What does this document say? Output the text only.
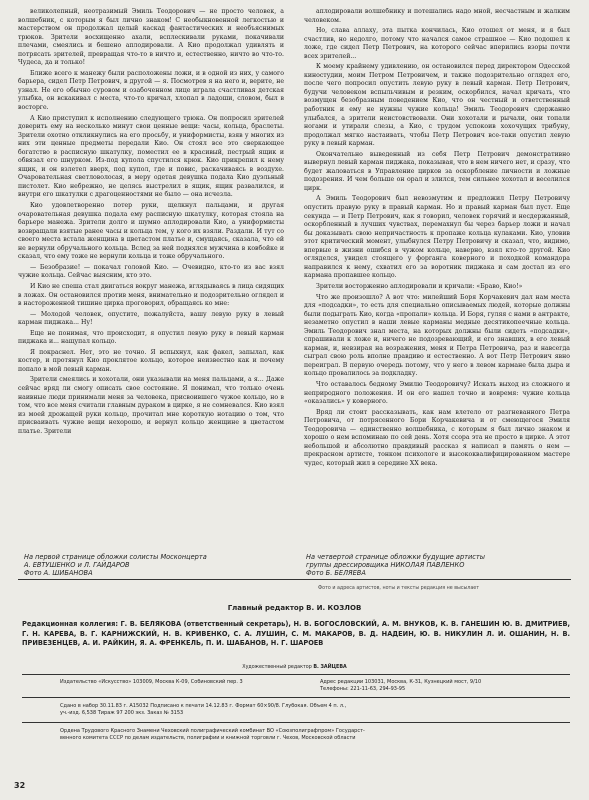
великолепный, неотразимый Эмиль Теодорович — не просто человек, а волшебник, с которым я был лично знаком! С необыкновенной легкостью и мастерством он продолжал целый каскад фантастических и необъяснимых трюков. Зрители восхищенно ахали, всплескивали руками, покачивали плечами, смеялись и бешено аплодировали. А Кио продолжал удивлять и потрясать зрителей, превращая что-то в ничто и, естественно, ничто во что-то. Чудеса, да и только!

Ближе всего к манежу были расположены ложи, и в одной из них, у самого барьера, сидел Петр Петрович, в другой — я. Посмотрев я на него и, верите, не узнал. Не его обычно суровом и озабоченном лице играла счастливая детская улыбка, он вскакивал с места, что-то кричал, хлопал в ладоши, словом, был в восторге.

А Кио приступил к исполнению следующего трюка. Он попросил зрителей доверить ему на несколько минут свои ценные вещи: часы, кольца, браслеты. Зрители охотно откликнулись на его просьбу, и униформисты, взяв у многих из них эти ценные предметы передали Кио. Он стоял все это сверкающее богатство в расписную шкатулку, поместил ее в красивый, пестрый ящик и обвязал его шнурком. Из-под купола спустился крюк. Кио прикрепил к нему ящик, и он взлетел вверх, под купол, где и повис, раскачиваясь в воздухе. Очаровательная светловолосая, в меру одетая девушка подала Кио дуэльный пистолет. Кио небрежно, не целясь выстрелил в ящик, ящик развалился, и внутри его шкатулки с драгоценностями не было — она исчезла.

Кио удовлетворенно потер руки, щелкнул пальцами, и другая очаровательная девушка подала ему расписную шкатулку, которая стояла на барьере манежа. Зрители долго и шумно аплодировали Кио, а униформисты возвращали взятые ранее часы и кольца тем, у кого их взяли. Раздали. И тут со своего места встала женщина в цветастом платье и, смущаясь, сказала, что ей не вернули обручального кольца. Вслед за ней поднялся мужчина в ковбойке и сказал, что ему тоже не вернули кольца и тоже обручального.

— Безобразие! — покачал головой Кио. — Очевидно, кто-то из вас взял чужие кольца. Сейчас выясним, кто это.

И Кио не спеша стал двигаться вокруг манежа, вглядываясь в лица сидящих в ложах. Он остановился против меня, внимательно и подозрительно оглядел и в настороженной тишине цирка проговорил, обращаясь ко мне:

— Молодой человек, опустите, пожалуйста, вашу левую руку в левый карман пиджака... Ну!

Еще не понимая, что происходит, я опустил левую руку в левый карман пиджака и... нащупал кольцо.

Я покраснел. Нет, это не точно. Я вспыхнул, как факел, запылал, как костер, и протянул Кио проклятое кольцо, которое неизвестно как и почему попало в мой левый карман.

Зрители смеялись и хохотали, они указывали на меня пальцами, а я... Даже сейчас вряд ли смогу описать свое состояние. Я понимал, что только очень наивные люди принимали меня за человека, присвоившего чужое кольцо, но в том, что все меня считали главным дураком в цирке, я не сомневался. Кио взял из моей дрожащей руки кольцо, прочитал мне короткую нотацию о том, что присваивать чужие вещи нехорошо, и вернул кольцо женщине в цветастом платье. Зрители

аплодировали волшебнику и потешались надо мной, несчастным и жалким человеком.

Но, слава аллаху, эта пытка кончилась, Кио отошел от меня, и я был счастлив, но недолго, потому что начался самое страшное — Кио подошел к ложе, где сидел Петр Петрович, на которого сейчас вперились взоры почти всех зрителей...

К моему крайнему удивлению, он остановился перед директором Одесской киностудии, моим Петром Петровичем, и также подозрительно оглядел его, после чего попросил опустить левую руку в левый карман. Петр Петрович, будучи человеком вспыльчивым и резким, оскорбился, начал кричать, что возмущен безобразным поведением Кио, что он честный и ответственный работник и ему не нужны чужие кольца! Эмиль Теодорович сдержанно улыбался, а зрители неистовствовали. Они хохотали и рычали, они топали ногами и утирали слезы, а Кио, с трудом успокоив хохочущих трибуну, продолжал мягко настаивать, чтобы Петр Петрович все-таки опустил левую руку в левый карман.

Окончательно выведенный из себя Петр Петрович демонстративно вывернул левый карман пиджака, показывая, что в нем ничего нет, и сразу, что будет жаловаться в Управление цирков за оскорбление личности и ложные подозрения. И чем больше он орал и злился, тем сильнее хохотал и веселился цирк.

А Эмиль Теодорович был невозмутим и предложил Петру Петровичу опустить правую руку в правый карман. Но и правый карман был пуст. Еще секунда — и Петр Петрович, как я говорил, человек горячий и несдержанный, оскорбленный в лучших чувствах, перемахнул бы через барьер ложи и начал бы доказывать свою непричастность к пропаже кольца кулаками. Кио, уловив этот критический момент, улыбнулся Петру Петровичу и сказал, что, видимо, впервые в жизни ошибся в чужом кольце, наверно, взял кто-то другой. Кио огляделся, увидел стоящего у форганга коверного и походкой командора направился к нему, схватил его за воротник пиджака и сам достал из его кармана пропавшее кольцо.

Зрители восторженно аплодировали и кричали: «Браво, Кио!»

Что же произошло? А вот что: милейший Боря Корчакевич дал нам места для «подсадки», то есть для специально описываемых людей, которые должны были подыграть Кио, когда «пропали» кольца. И Боря, гуляя с нами в антракте, незаметно опустил в наши левые карманы медные десятикопеечные кольца. Эмиль Теодорович знал места, на которых должны были сидеть «подсадки», спрашивали к ложе и, ничего не подозревающий, и его знавших, в его левый карман, и, невзирая на возражения, меня и Петра Петровича, раз и навсегда сыграл свою роль вполне правдиво и естественно. А вот Петр Петрович явно переиграл. В первую очередь потому, что у него в левом кармане была дыра и кольцо провалилось за подкладку.

Что оставалось бедному Эмилю Теодоровичу? Искать выход из сложного и неприродного положения. И он его нашел точно и вовремя: чужие кольца «оказались» у коверного.

Вряд ли стоит рассказывать, как нам влетело от разгневанного Петра Петровича, от потрясенного Бори Корчакевича и от смеющегося Эмиля Теодоровича — единственно волшебника, с которым я был лично знаком и хорошо о нем вспоминаю по сей день. Хотя ссора эта не просто в цирке. А этот небольшой и абсолютно правдивый рассказ я написал в память о нем — прекрасном артисте, тонком психологе и высококвалифицированном мастере чудес, который жил в середине XX века.

На первой странице обложки солисты Москонцерта
А. ЕВТУШЕНКО и Л. ГАЙДАРОВ
Фото А. ШИБАНОВА
На четвертой странице обложки будущие артисты
группы дрессировщика НИКОЛАЯ ПАВЛЕНКО
Фото Б. БЕЛЯЕВА
Фото и адреса артистов, ноты и тексты редакция не высылает
Главный редактор В. И. КОЗЛОВ
Редакционная коллегия: Г. В. БЕЛЯКОВА (ответственный секретарь), Н. В. БОГОСЛОВСКИЙ, А. М. ВНУКОВ, К. В. ГАНЕШИН Ю. В. ДМИТРИЕВ, Г. Н. КАРЕВА, В. Г. КАРНИЖСКИЙ, Н. В. КРИВЕНКО, С. А. ЛУШИН, С. М. МАКАРОВ, В. Д. НАДЕИН, Ю. В. НИКУЛИН Л. И. ОШАНИН, Н. В. ПРИВЕЗЕНЦЕВ, А. И. РАЙКИН, Я. А. ФРЕНКЕЛЬ, П. И. ШАБАНОВ, Н. Г. ШАРОЕВ
Художественный редактор В. ЗАЙЦЕВА
Издательство «Искусство» 103009, Москва К-09, Собиновский пер. 3	Адрес редакции 103031, Москва, К-31, Кузнецкий мост, 9/10
Телефоны: 221-11-63, 294-93-95
Сдано в набор 30.11.83 г. А15032 Подписано к печати 14.12.83 г. Формат 60×90/8. Глубокая. Объем 4 п. л.,
уч.-изд. 6,538 Тираж 97 200 экз. Заказ № 3153
Ордена Трудового Красного Знамени Чеховский полиграфический комбинат ВО «Союзполиграфпром» Государст-
венного комитета СССР по делам издательств, полиграфии и книжной торговли г. Чехов, Московской области
32
